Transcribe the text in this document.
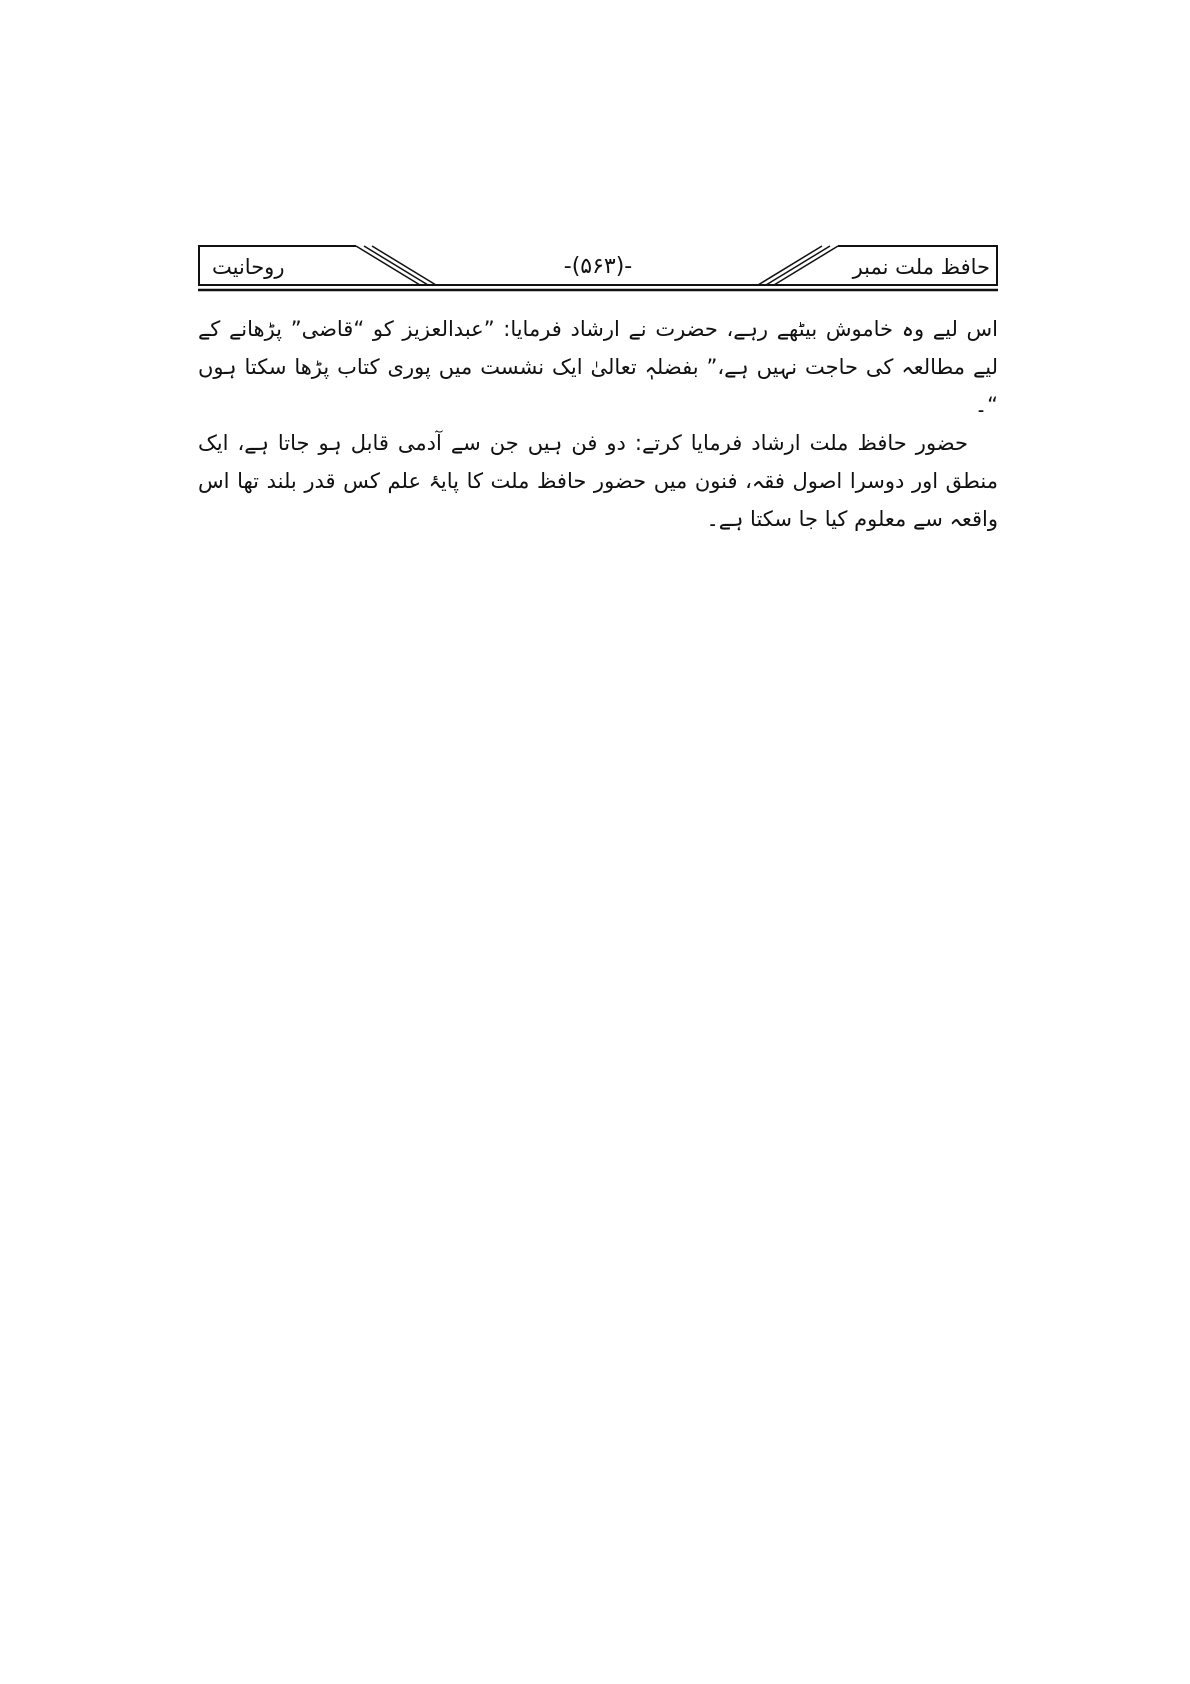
روحانیت	-(۵۶۳)-	حافظ ملت نمبر

اس لیے وہ خاموش بیٹھے رہے، حضرت نے ارشاد فرمایا: ”عبدالعزیز کو “قاضی” پڑھانے کے لیے مطالعہ کی حاجت نہیں ہے،” بفضلہٖ تعالیٰ ایک نشست میں پوری کتاب پڑھا سکتا ہوں “۔

حضور حافظ ملت ارشاد فرمایا کرتے: دو فن ہیں جن سے آدمی قابل ہو جاتا ہے، ایک منطق اور دوسرا اصول فقہ، فنون میں حضور حافظ ملت کا پایۂ علم کس قدر بلند تھا اس واقعہ سے معلوم کیا جا سکتا ہے۔
